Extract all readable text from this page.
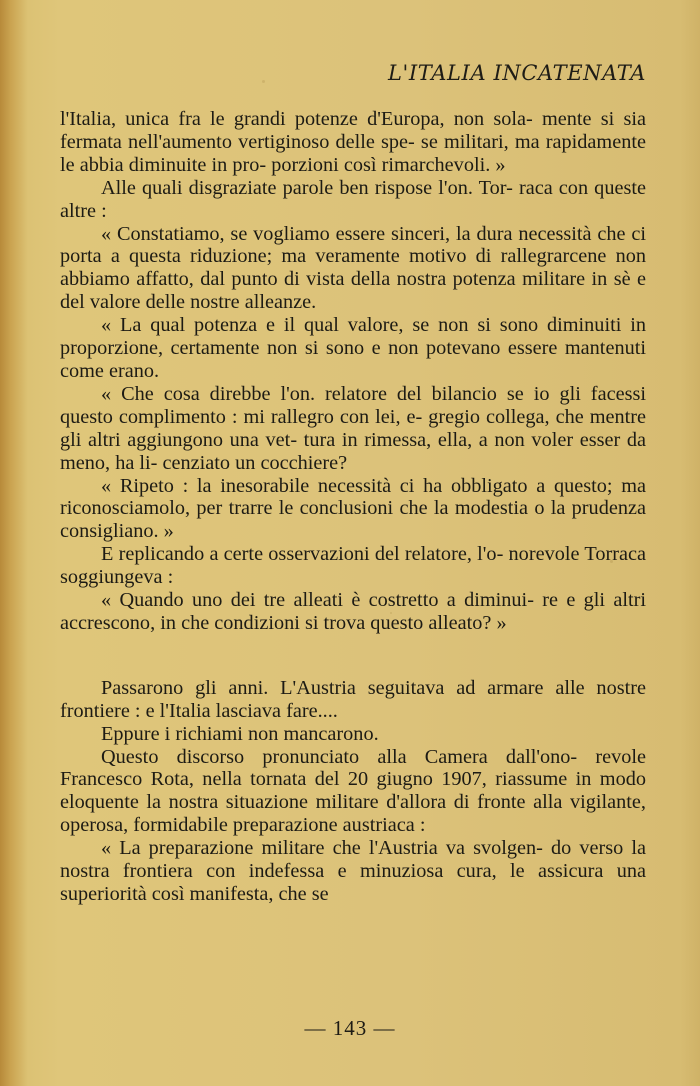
L'ITALIA INCATENATA

l'Italia, unica fra le grandi potenze d'Europa, non sola- mente si sia fermata nell'aumento vertiginoso delle spe- se militari, ma rapidamente le abbia diminuite in pro- porzioni così rimarchevoli. »

Alle quali disgraziate parole ben rispose l'on. Tor- raca con queste altre :

« Constatiamo, se vogliamo essere sinceri, la dura necessità che ci porta a questa riduzione; ma veramente motivo di rallegrarcene non abbiamo affatto, dal punto di vista della nostra potenza militare in sè e del valore delle nostre alleanze.

« La qual potenza e il qual valore, se non si sono diminuiti in proporzione, certamente non si sono e non potevano essere mantenuti come erano.

« Che cosa direbbe l'on. relatore del bilancio se io gli facessi questo complimento : mi rallegro con lei, e- gregio collega, che mentre gli altri aggiungono una vet- tura in rimessa, ella, a non voler esser da meno, ha li- cenziato un cocchiere?

« Ripeto : la inesorabile necessità ci ha obbligato a questo; ma riconosciamolo, per trarre le conclusioni che la modestia o la prudenza consigliano. »

E replicando a certe osservazioni del relatore, l'o- norevole Torraca soggiungeva :

« Quando uno dei tre alleati è costretto a diminui- re e gli altri accrescono, in che condizioni si trova questo alleato? »

Passarono gli anni. L'Austria seguitava ad armare alle nostre frontiere : e l'Italia lasciava fare....

Eppure i richiami non mancarono.

Questo discorso pronunciato alla Camera dall'ono- revole Francesco Rota, nella tornata del 20 giugno 1907, riassume in modo eloquente la nostra situazione militare d'allora di fronte alla vigilante, operosa, formidabile preparazione austriaca :

« La preparazione militare che l'Austria va svolgen- do verso la nostra frontiera con indefessa e minuziosa cura, le assicura una superiorità così manifesta, che se

— 143 —
